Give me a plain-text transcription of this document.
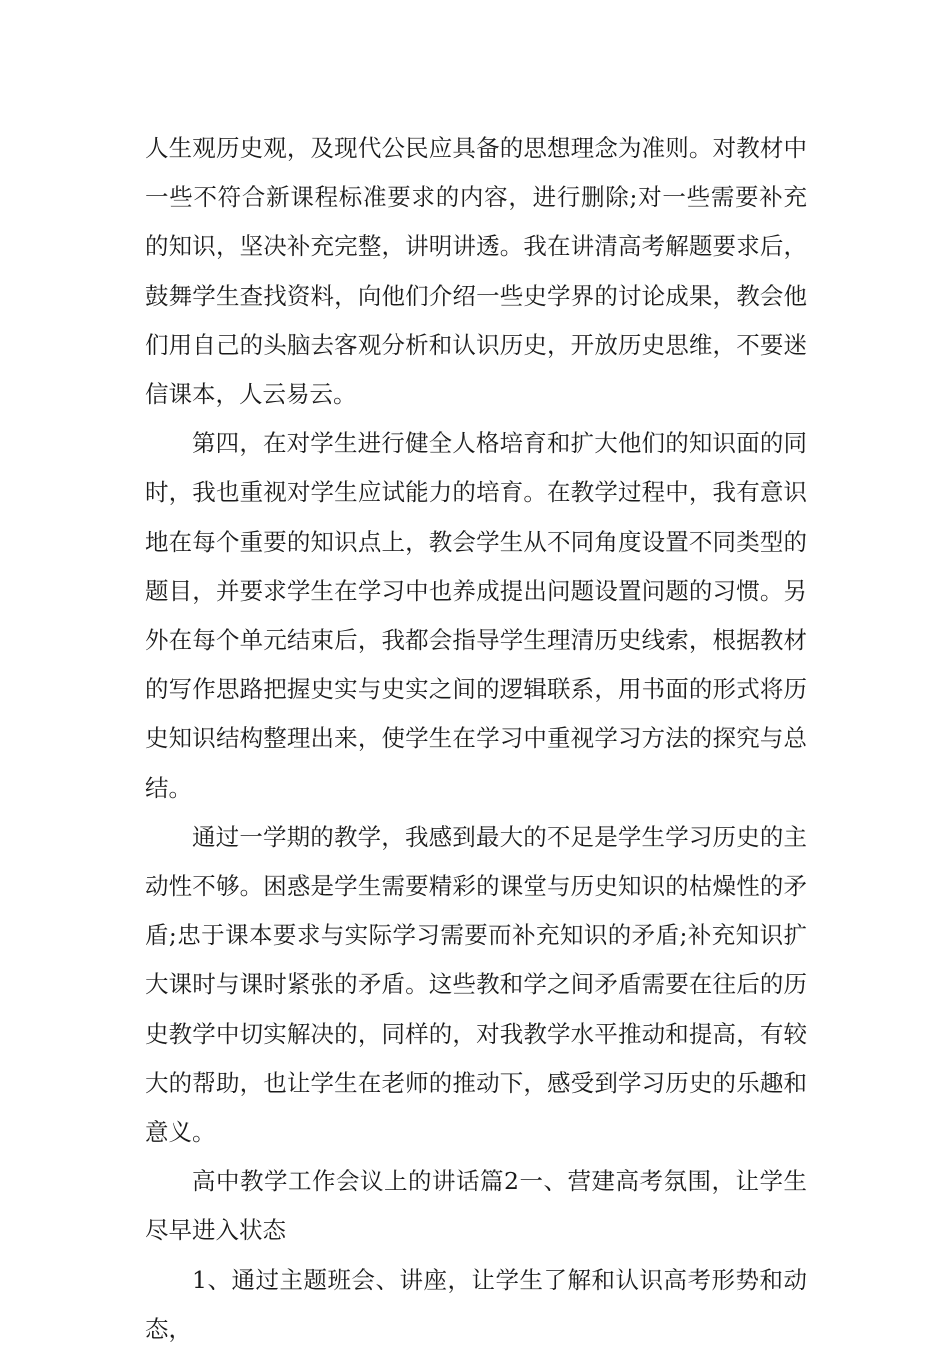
人生观历史观，及现代公民应具备的思想理念为准则。对教材中一些不符合新课程标准要求的内容，进行删除;对一些需要补充的知识，坚决补充完整，讲明讲透。我在讲清高考解题要求后，鼓舞学生查找资料，向他们介绍一些史学界的讨论成果，教会他们用自己的头脑去客观分析和认识历史，开放历史思维，不要迷信课本，人云易云。

第四，在对学生进行健全人格培育和扩大他们的知识面的同时，我也重视对学生应试能力的培育。在教学过程中，我有意识地在每个重要的知识点上，教会学生从不同角度设置不同类型的题目，并要求学生在学习中也养成提出问题设置问题的习惯。另外在每个单元结束后，我都会指导学生理清历史线索，根据教材的写作思路把握史实与史实之间的逻辑联系，用书面的形式将历史知识结构整理出来，使学生在学习中重视学习方法的探究与总结。

通过一学期的教学，我感到最大的不足是学生学习历史的主动性不够。困惑是学生需要精彩的课堂与历史知识的枯燥性的矛盾;忠于课本要求与实际学习需要而补充知识的矛盾;补充知识扩大课时与课时紧张的矛盾。这些教和学之间矛盾需要在往后的历史教学中切实解决的，同样的，对我教学水平推动和提高，有较大的帮助，也让学生在老师的推动下，感受到学习历史的乐趣和意义。

高中教学工作会议上的讲话篇2一、营建高考氛围，让学生尽早进入状态

1、通过主题班会、讲座，让学生了解和认识高考形势和动态，
